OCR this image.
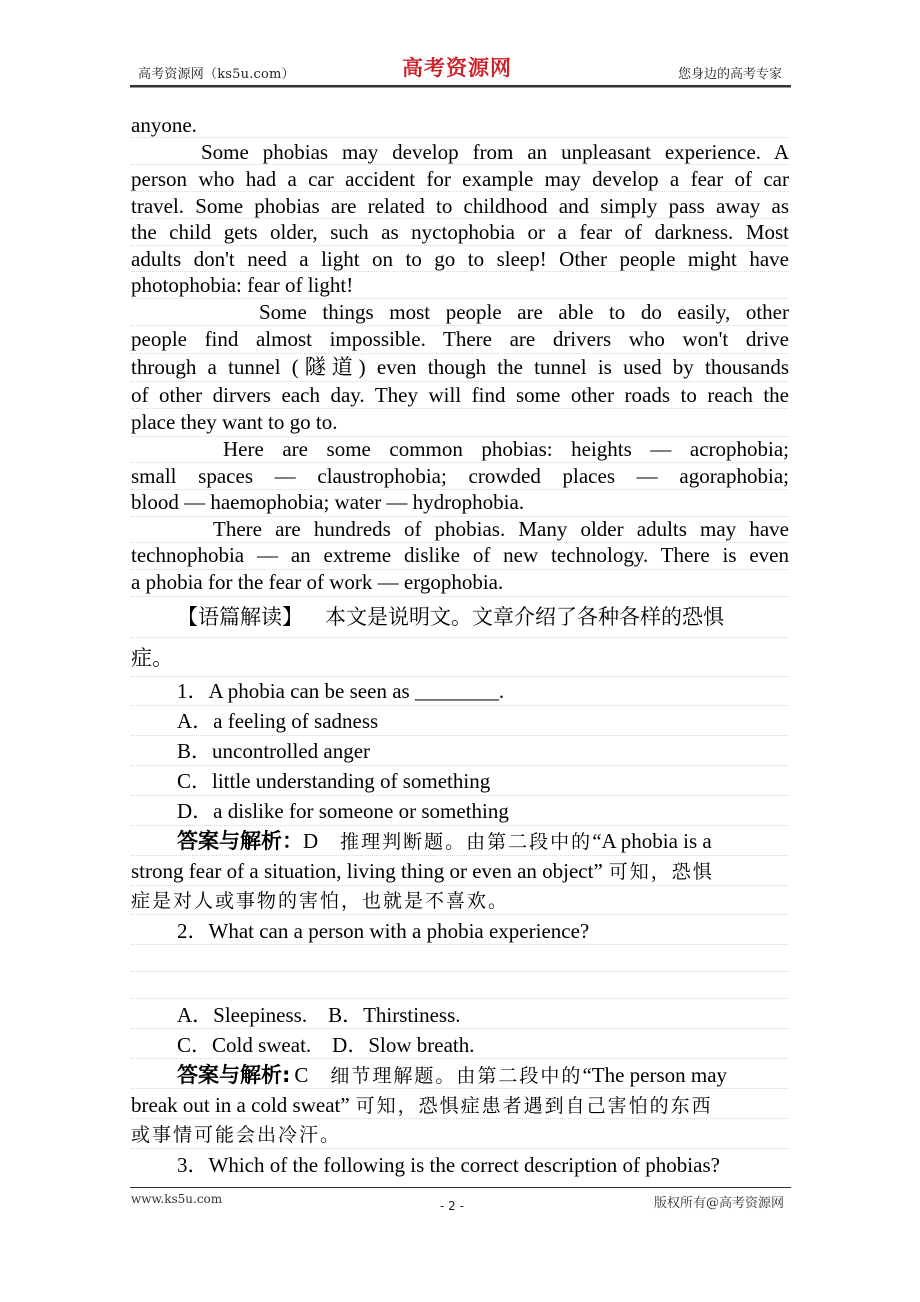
高考资源网（ks5u.com）	高考资源网	您身边的高考专家
anyone.
Some phobias may develop from an unpleasant experience. A
person who had a car accident for example may develop a fear of car
travel. Some phobias are related to childhood and simply pass away as
the child gets older, such as nyctophobia or a fear of darkness. Most
adults don't need a light on to go to sleep! Other people might have
photophobia: fear of light!
Some things most people are able to do easily, other
people find almost impossible. There are drivers who won't drive
through a tunnel (隧道) even though the tunnel is used by thousands
of other dirvers each day. They will find some other roads to reach the
place they want to go to.
Here are some common phobias: heights — acrophobia;
small spaces — claustrophobia; crowded places — agoraphobia;
blood — haemophobia; water — hydrophobia.
There are hundreds of phobias. Many older adults may have
technophobia — an extreme dislike of new technology. There is even
a phobia for the fear of work — ergophobia.
【语篇解读】 本文是说明文。文章介绍了各种各样的恐惧
症。
1．A phobia can be seen as ________.
A．a feeling of sadness
B．uncontrolled anger
C．little understanding of something
D．a dislike for someone or something
答案与解析：D 推理判断题。由第二段中的“A phobia is a
strong fear of a situation, living thing or even an object” 可知，恐惧
症是对人或事物的害怕，也就是不喜欢。
2．What can a person with a phobia experience?
A．Sleepiness.    B．Thirstiness.
C．Cold sweat.    D．Slow breath.
答案与解析: C 细节理解题。由第二段中的“The person may
break out in a cold sweat” 可知，恐惧症患者遇到自己害怕的东西
或事情可能会出冷汗。
3．Which of the following is the correct description of phobias?
www.ks5u.com	- 2 -	版权所有@高考资源网
